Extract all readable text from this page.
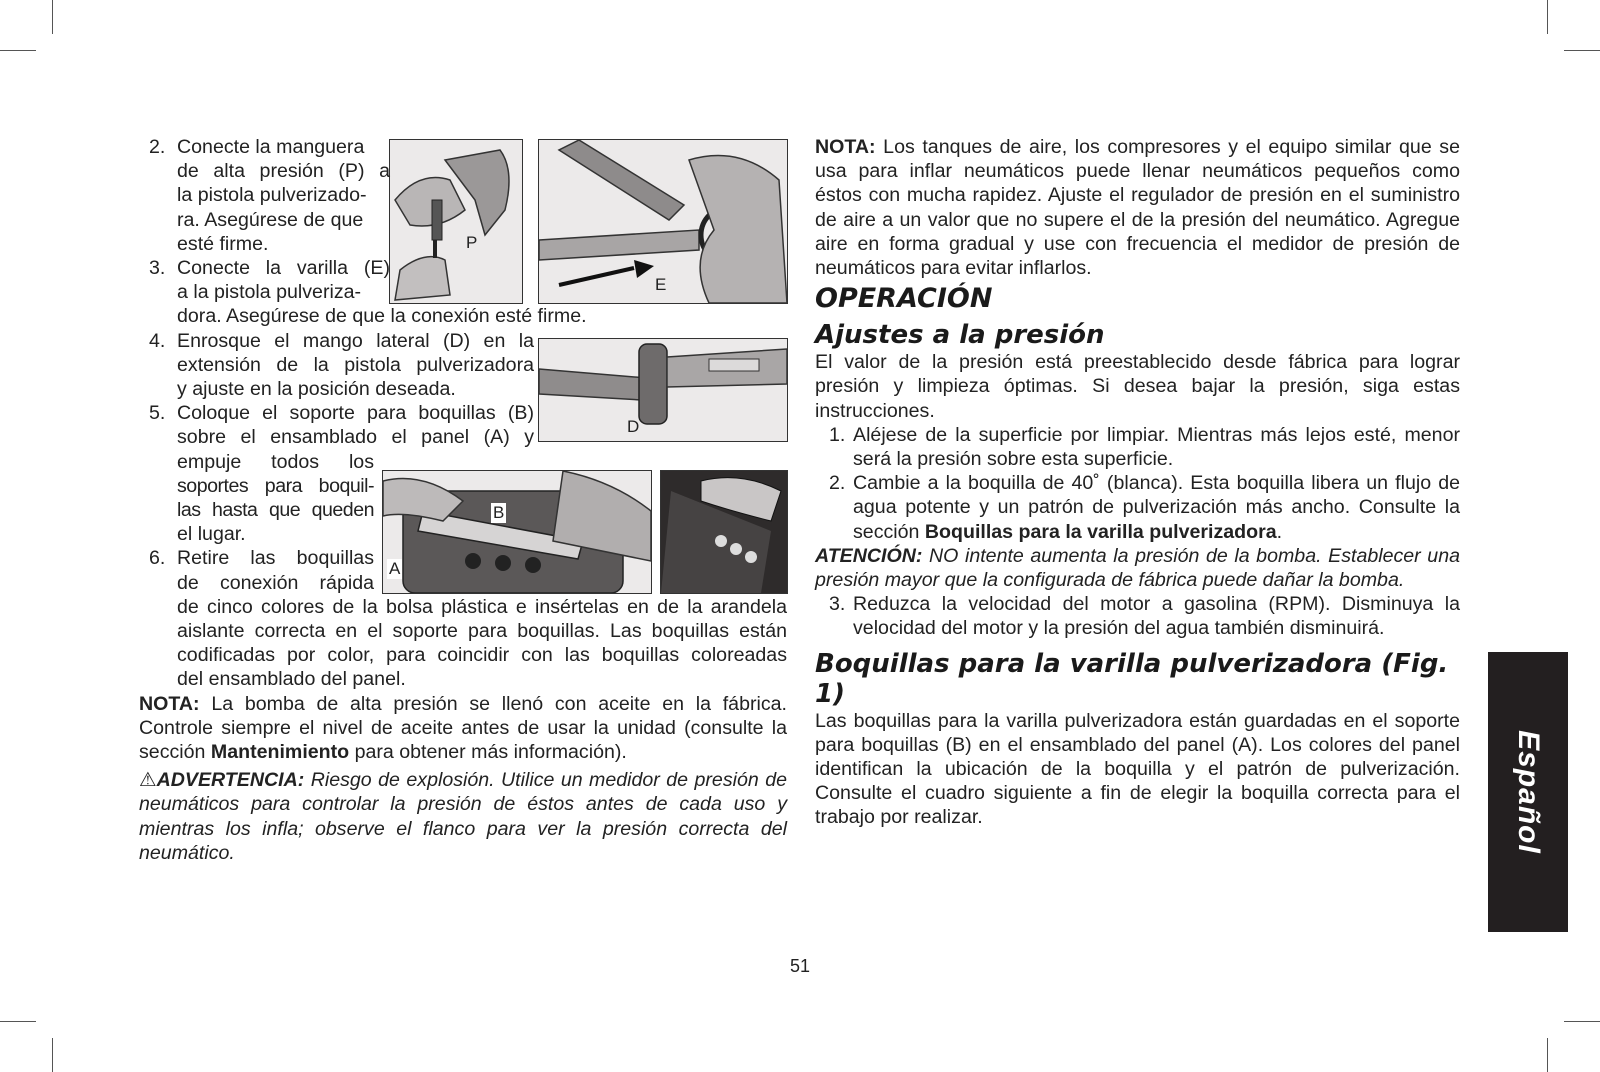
P
E
D
B
A
2. Conecte la manguera
de alta presión (P) a
la pistola pulverizado-
ra. Asegúrese de que
esté firme.
3. Conecte la varilla (E)
a la pistola pulveriza-
dora. Asegúrese de que la conexión esté firme.
4. Enrosque el mango lateral (D) en la
extensión de la pistola pulverizadora
y ajuste en la posición deseada.
5. Coloque el soporte para boquillas (B)
sobre el ensamblado el panel (A) y
empuje todos los
soportes para boquil-
las hasta que queden
el lugar.
6. Retire las boquillas
de conexión rápida
de cinco colores de la bolsa plástica e insértelas en de la arandela
aislante correcta en el soporte para boquillas. Las boquillas están
codificadas por color, para coincidir con las boquillas coloreadas
del ensamblado del panel.

NOTA: La bomba de alta presión se llenó con aceite en la fábrica. Controle siempre el nivel de aceite antes de usar la unidad (consulte la sección Mantenimiento para obtener más información).

⚠ADVERTENCIA: Riesgo de explosión. Utilice un medidor de presión de neumáticos para controlar la presión de éstos antes de cada uso y mientras los infla; observe el flanco para ver la presión correcta del neumático.

NOTA: Los tanques de aire, los compresores y el equipo similar que se usa para inflar neumáticos puede llenar neumáticos pequeños como éstos con mucha rapidez. Ajuste el regulador de presión en el suministro de aire a un valor que no supere el de la presión del neumático. Agregue aire en forma gradual y use con frecuencia el medidor de presión de neumáticos para evitar inflarlos.

OPERACIÓN
Ajustes a la presión

El valor de la presión está preestablecido desde fábrica para lograr presión y limpieza óptimas. Si desea bajar la presión, siga estas instrucciones.

1. Aléjese de la superficie por limpiar. Mientras más lejos esté, menor será la presión sobre esta superficie.
2. Cambie a la boquilla de 40˚ (blanca). Esta boquilla libera un flujo de agua potente y un patrón de pulverización más ancho. Consulte la sección Boquillas para la varilla pulverizadora.

ATENCIÓN: NO intente aumenta la presión de la bomba. Establecer una presión mayor que la configurada de fábrica puede dañar la bomba.

3. Reduzca la velocidad del motor a gasolina (RPM). Disminuya la velocidad del motor y la presión del agua también disminuirá.
Boquillas para la varilla pulverizadora (Fig. 1)

Las boquillas para la varilla pulverizadora están guardadas en el soporte para boquillas (B) en el ensamblado del panel (A). Los colores del panel identifican la ubicación de la boquilla y el patrón de pulverización. Consulte el cuadro siguiente a fin de elegir la boquilla correcta para el trabajo por realizar.	Español
51
